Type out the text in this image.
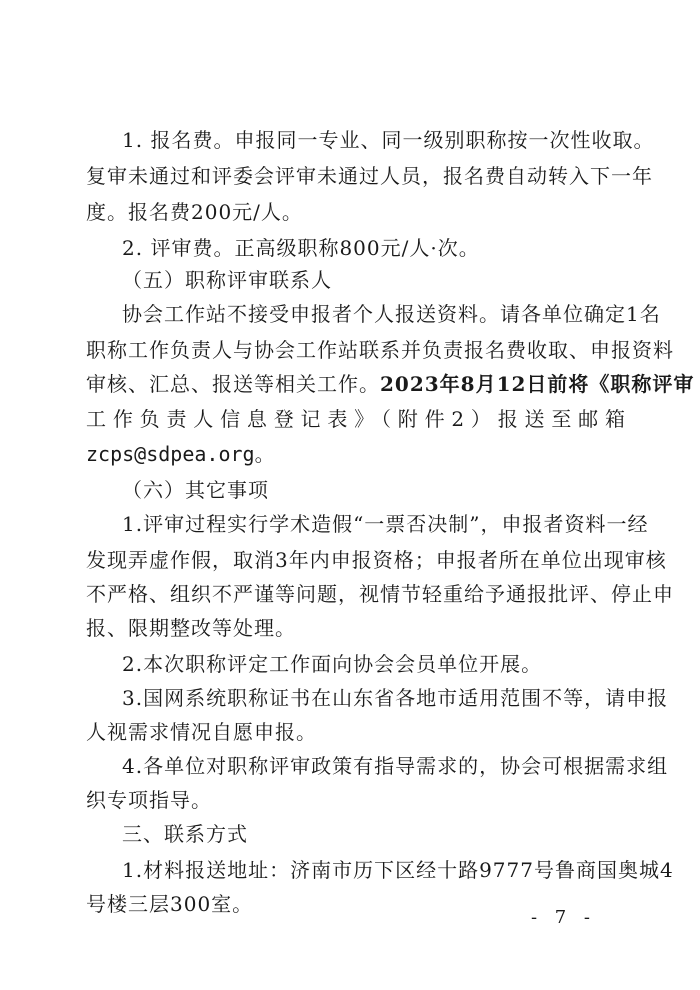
1. 报名费。申报同一专业、同一级别职称按一次性收取。
复审未通过和评委会评审未通过人员，报名费自动转入下一年
度。报名费200元/人。
2. 评审费。正高级职称800元/人·次。
（五）职称评审联系人
协会工作站不接受申报者个人报送资料。请各单位确定1名
职称工作负责人与协会工作站联系并负责报名费收取、申报资料
审核、汇总、报送等相关工作。2023年8月12日前将《职称评审
工作负责人信息登记表》（附件2）报送至邮箱
zcps@sdpea.org。
（六）其它事项
1.评审过程实行学术造假“一票否决制”，申报者资料一经
发现弄虚作假，取消3年内申报资格；申报者所在单位出现审核
不严格、组织不严谨等问题，视情节轻重给予通报批评、停止申
报、限期整改等处理。
2.本次职称评定工作面向协会会员单位开展。
3.国网系统职称证书在山东省各地市适用范围不等，请申报
人视需求情况自愿申报。
4.各单位对职称评审政策有指导需求的，协会可根据需求组
织专项指导。
三、联系方式
1.材料报送地址：济南市历下区经十路9777号鲁商国奥城4
号楼三层300室。
- 7 -
